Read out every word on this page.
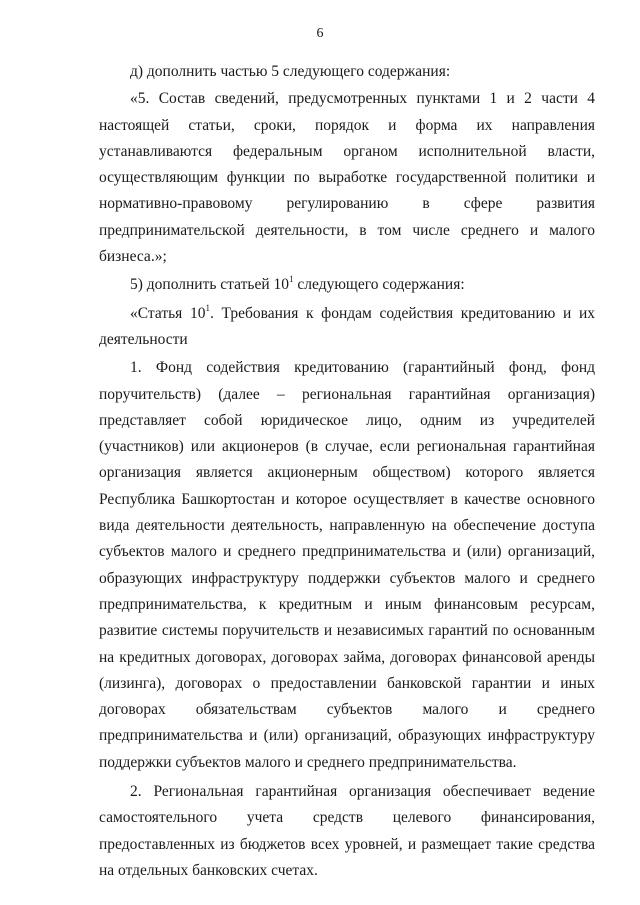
6

д) дополнить частью 5 следующего содержания:

«5. Состав сведений, предусмотренных пунктами 1 и 2 части 4 настоящей статьи, сроки, порядок и форма их направления устанавливаются федеральным органом исполнительной власти, осуществляющим функции по выработке государственной политики и нормативно-правовому регулированию в сфере развития предпринимательской деятельности, в том числе среднего и малого бизнеса.»;

5) дополнить статьей $10^1$ следующего содержания:

«Статья $10^1$. Требования к фондам содействия кредитованию и их деятельности

1. Фонд содействия кредитованию (гарантийный фонд, фонд поручительств) (далее – региональная гарантийная организация) представляет собой юридическое лицо, одним из учредителей (участников) или акционеров (в случае, если региональная гарантийная организация является акционерным обществом) которого является Республика Башкортостан и которое осуществляет в качестве основного вида деятельности деятельность, направленную на обеспечение доступа субъектов малого и среднего предпринимательства и (или) организаций, образующих инфраструктуру поддержки субъектов малого и среднего предпринимательства, к кредитным и иным финансовым ресурсам, развитие системы поручительств и независимых гарантий по основанным на кредитных договорах, договорах займа, договорах финансовой аренды (лизинга), договорах о предоставлении банковской гарантии и иных договорах обязательствам субъектов малого и среднего предпринимательства и (или) организаций, образующих инфраструктуру поддержки субъектов малого и среднего предпринимательства.

2. Региональная гарантийная организация обеспечивает ведение самостоятельного учета средств целевого финансирования, предоставленных из бюджетов всех уровней, и размещает такие средства на отдельных банковских счетах.
